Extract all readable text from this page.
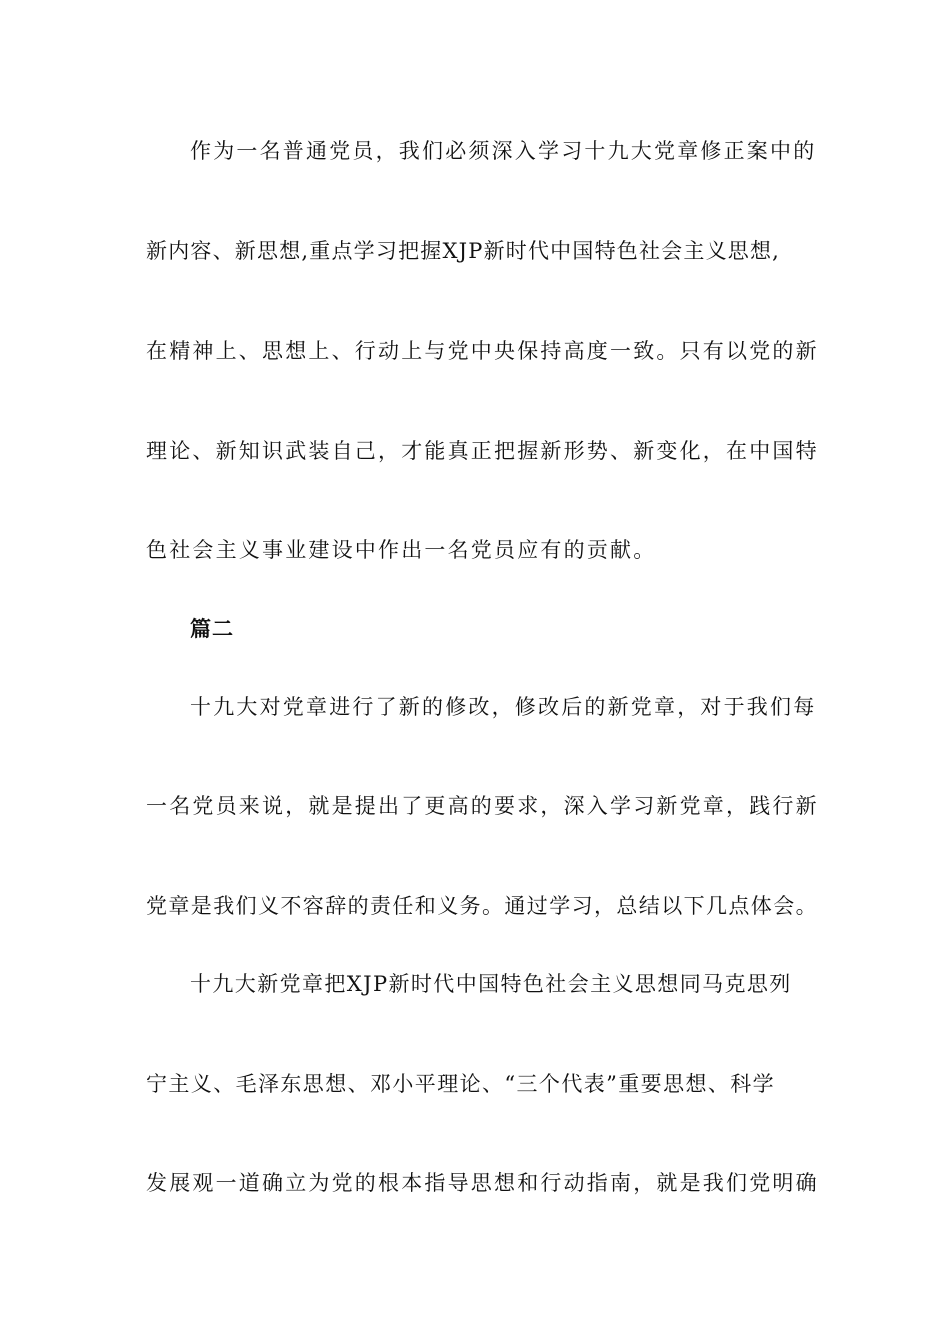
作为一名普通党员，我们必须深入学习十九大党章修正案中的
新内容、新思想,重点学习把握XJP新时代中国特色社会主义思想,
在精神上、思想上、行动上与党中央保持高度一致。只有以党的新
理论、新知识武装自己，才能真正把握新形势、新变化，在中国特
色社会主义事业建设中作出一名党员应有的贡献。
篇二
十九大对党章进行了新的修改，修改后的新党章，对于我们每
一名党员来说，就是提出了更高的要求，深入学习新党章，践行新
党章是我们义不容辞的责任和义务。通过学习，总结以下几点体会。
十九大新党章把XJP新时代中国特色社会主义思想同马克思列
宁主义、毛泽东思想、邓小平理论、“三个代表”重要思想、科学
发展观一道确立为党的根本指导思想和行动指南，就是我们党明确
